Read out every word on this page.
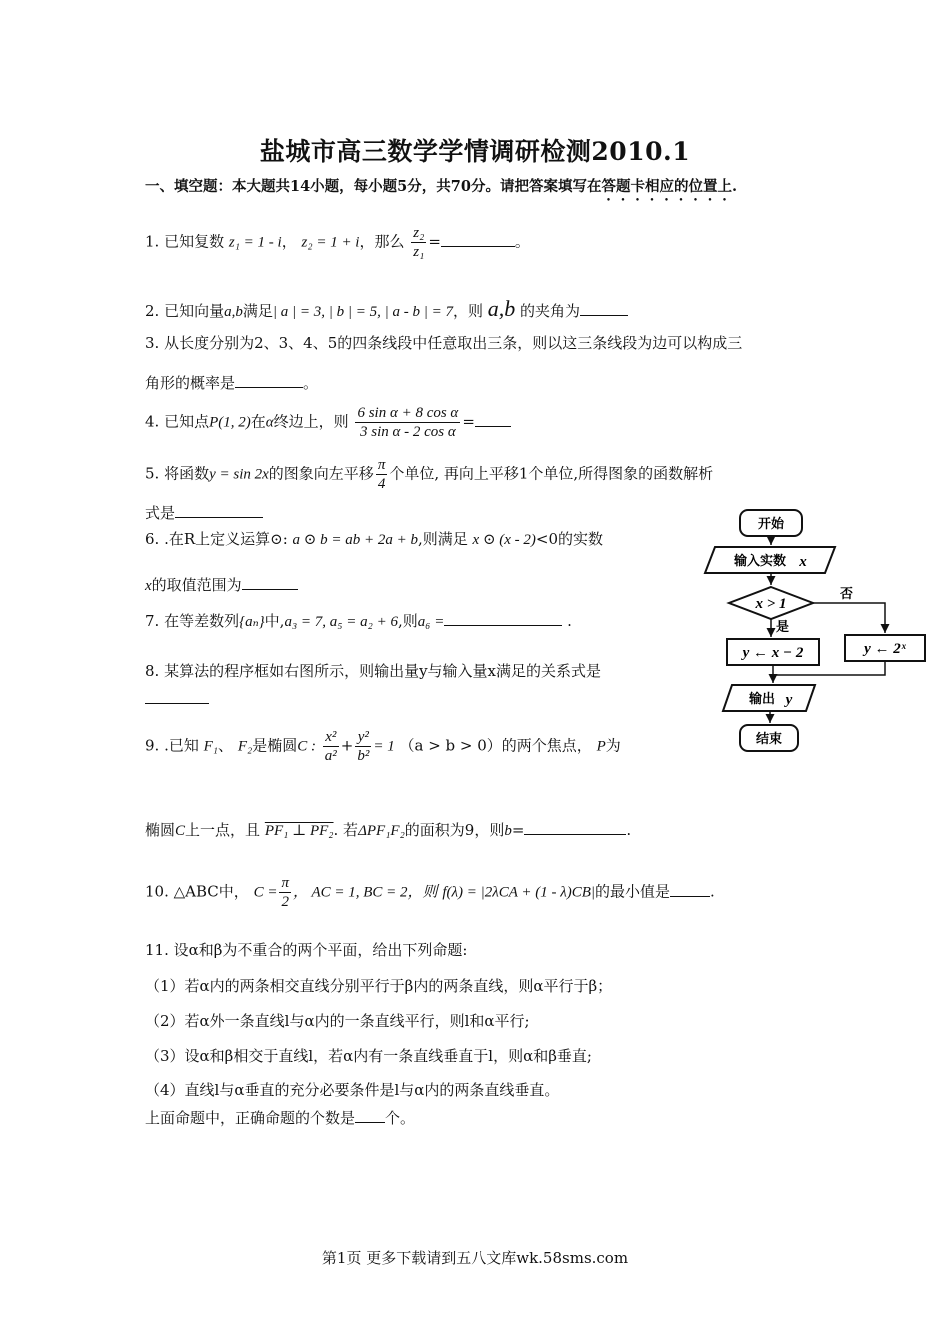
盐城市高三数学学情调研检测2010.1
一、填空题：本大题共14小题，每小题5分，共70分。请把答案填写在答题卡相应的位置上.
1. 已知复数 z₁ = 1 - i， z₂ = 1 + i，那么 $\frac{\text{z₂}}{\text{z₁}}$ =	。
2. 已知向量a,b满足| a | = 3, | b | = 5, | a - b | = 7，则 a,b 的夹角为
3. 从长度分别为2、3、4、5的四条线段中任意取出三条，则以这三条线段为边可以构成三
角形的概率是	。
4. 已知点P(1, 2)在α终边上，则 $\frac{\text{6 sin α + 8 cos α}}{\text{3 sin α - 2 cos α}}$ =
5. 将函数y = sin 2x的图象向左平移 $\frac{\pi}{4}$ 个单位, 再向上平移1个单位,所得图象的函数解析
式是
6. .在R上定义运算⊙: a ⊙ b = ab + 2a + b,则满足 x ⊙ (x - 2)<0的实数
x的取值范围为
7. 在等差数列{aₙ}中,a₃ = 7, a₅ = a₂ + 6,则a₆ =	.
8. 某算法的程序框如右图所示，则输出量y与输入量x满足的关系式是
9. .已知 F₁、 F₂是椭圆C : $\frac{\text{x²}}{\text{a²}} + \frac{\text{y²}}{\text{b²}} = 1$ （a > b > 0）的两个焦点， P为
椭圆C上一点，且 PF₁ ⊥ PF₂. 若ΔPF₁F₂的面积为9，则b=	.
10. △ABC中， $C = \frac{\pi}{2}$ ， AC = 1, BC = 2，则 f(λ) = |2λCA + (1 - λ)CB|的最小值是	.
11. 设α和β为不重合的两个平面，给出下列命题:
（1）若α内的两条相交直线分别平行于β内的两条直线，则α平行于β；
（2）若α外一条直线l与α内的一条直线平行，则l和α平行;
（3）设α和β相交于直线l，若α内有一条直线垂直于l，则α和β垂直;
（4）直线l与α垂直的充分必要条件是l与α内的两条直线垂直。
上面命题中，正确命题的个数是 个。
开始
输入实数 x
x > 1
否
是
y ← x − 2	y ← 2ˣ
输出 y
结束
第1页 更多下载请到五八文库wk.58sms.com
